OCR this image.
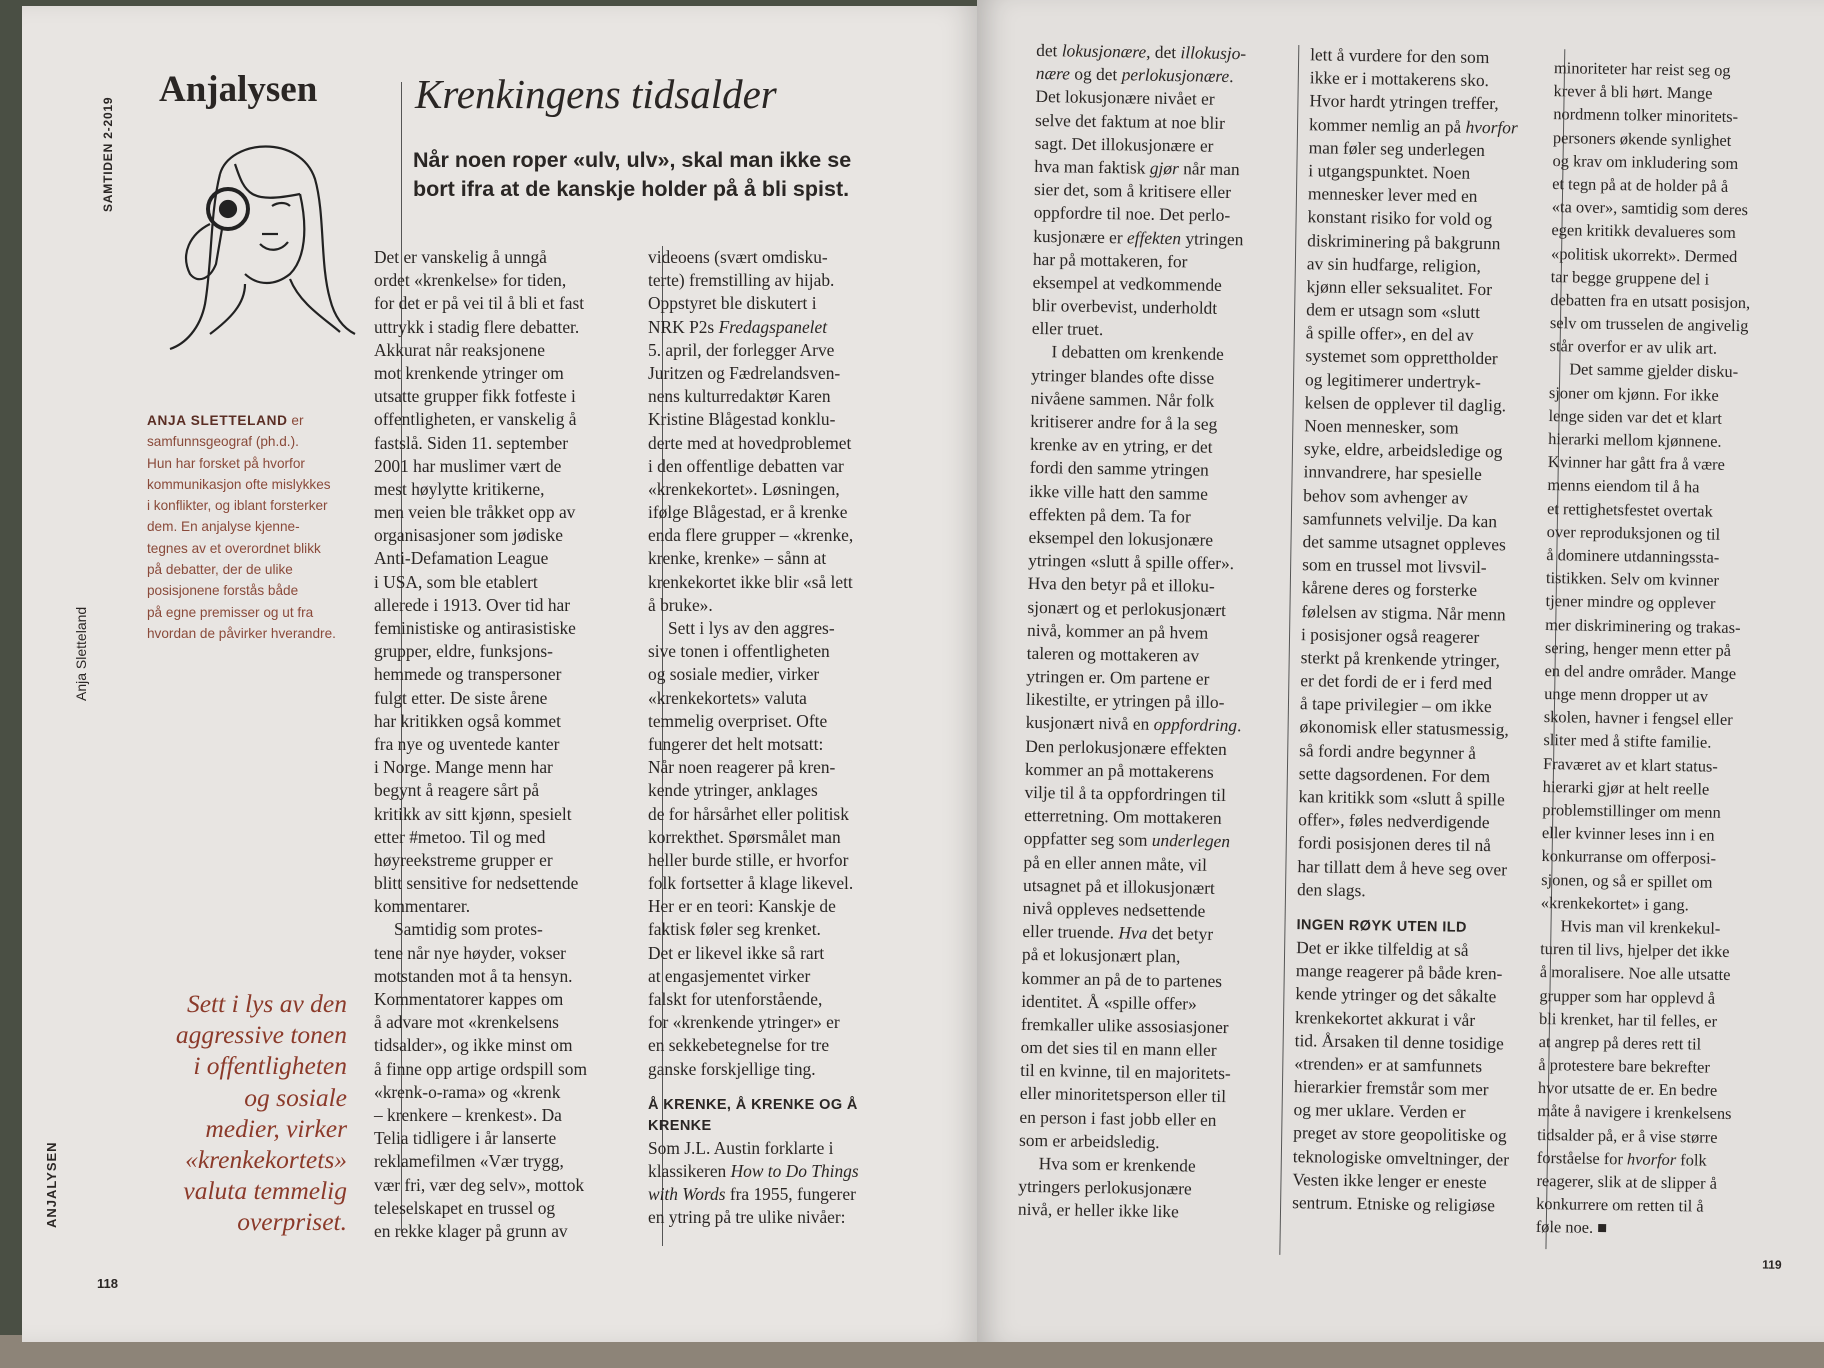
Anjalysen Krenkingens tidsalder
Når noen roper «ulv, ulv», skal man ikke se
bort ifra at de kanskje holder på å bli spist.
SAMTIDEN 2-2019
Anja Sletteland
ANJALYSEN
ANJA SLETTELAND er
samfunnsgeograf (ph.d.).
Hun har forsket på hvorfor
kommunikasjon ofte mislykkes
i konflikter, og iblant forsterker
dem. En anjalyse kjenne-
tegnes av et overordnet blikk
på debatter, der de ulike
posisjonene forstås både
på egne premisser og ut fra
hvordan de påvirker hverandre.
Sett i lys av den
aggressive tonen
i offentligheten
og sosiale
medier, virker
«krenkekortets»
valuta temmelig
overpriset.
Det er vanskelig å unngå
ordet «krenkelse» for tiden,
for det er på vei til å bli et fast
uttrykk i stadig flere debatter.
Akkurat når reaksjonene
mot krenkende ytringer om
utsatte grupper fikk fotfeste i
offentligheten, er vanskelig å
fastslå. Siden 11. september
2001 har muslimer vært de
mest høylytte kritikerne,
men veien ble tråkket opp av
organisasjoner som jødiske
Anti-Defamation League
i USA, som ble etablert
allerede i 1913. Over tid har
feministiske og antirasistiske
grupper, eldre, funksjons-
hemmede og transpersoner
fulgt etter. De siste årene
har kritikken også kommet
fra nye og uventede kanter
i Norge. Mange menn har
begynt å reagere sårt på
kritikk av sitt kjønn, spesielt
etter #metoo. Til og med
høyreekstreme grupper er
blitt sensitive for nedsettende
kommentarer.
Samtidig som protes-
tene når nye høyder, vokser
motstanden mot å ta hensyn.
Kommentatorer kappes om
å advare mot «krenkelsens
tidsalder», og ikke minst om
å finne opp artige ordspill som
«krenk-o-rama» og «krenk
– krenkere – krenkest». Da
Telia tidligere i år lanserte
reklamefilmen «Vær trygg,
vær fri, vær deg selv», mottok
teleselskapet en trussel og
en rekke klager på grunn av
videoens (svært omdisku-
terte) fremstilling av hijab.
Oppstyret ble diskutert i
NRK P2s Fredagspanelet
5. april, der forlegger Arve
Juritzen og Fædrelandsven-
nens kulturredaktør Karen
Kristine Blågestad konklu-
derte med at hovedproblemet
i den offentlige debatten var
«krenkekortet». Løsningen,
ifølge Blågestad, er å krenke
enda flere grupper – «krenke,
krenke, krenke» – sånn at
krenkekortet ikke blir «så lett
å bruke».
Sett i lys av den aggres-
sive tonen i offentligheten
og sosiale medier, virker
«krenkekortets» valuta
temmelig overpriset. Ofte
fungerer det helt motsatt:
Når noen reagerer på kren-
kende ytringer, anklages
de for hårsårhet eller politisk
korrekthet. Spørsmålet man
heller burde stille, er hvorfor
folk fortsetter å klage likevel.
Her er en teori: Kanskje de
faktisk føler seg krenket.
Det er likevel ikke så rart
at engasjementet virker
falskt for utenforstående,
for «krenkende ytringer» er
en sekkebetegnelse for tre
ganske forskjellige ting.
Å KRENKE, Å KRENKE OG Å
KRENKE
Som J.L. Austin forklarte i
klassikeren How to Do Things
with Words fra 1955, fungerer
en ytring på tre ulike nivåer:
118
det lokusjonære, det illokusjo-
nære og det perlokusjonære.
Det lokusjonære nivået er
selve det faktum at noe blir
sagt. Det illokusjonære er
hva man faktisk gjør når man
sier det, som å kritisere eller
oppfordre til noe. Det perlo-
kusjonære er effekten ytringen
har på mottakeren, for
eksempel at vedkommende
blir overbevist, underholdt
eller truet.
I debatten om krenkende
ytringer blandes ofte disse
nivåene sammen. Når folk
kritiserer andre for å la seg
krenke av en ytring, er det
fordi den samme ytringen
ikke ville hatt den samme
effekten på dem. Ta for
eksempel den lokusjonære
ytringen «slutt å spille offer».
Hva den betyr på et illoku-
sjonært og et perlokusjonært
nivå, kommer an på hvem
taleren og mottakeren av
ytringen er. Om partene er
likestilte, er ytringen på illo-
kusjonært nivå en oppfordring.
Den perlokusjonære effekten
kommer an på mottakerens
vilje til å ta oppfordringen til
etterretning. Om mottakeren
oppfatter seg som underlegen
på en eller annen måte, vil
utsagnet på et illokusjonært
nivå oppleves nedsettende
eller truende. Hva det betyr
på et lokusjonært plan,
kommer an på de to partenes
identitet. Å «spille offer»
fremkaller ulike assosiasjoner
om det sies til en mann eller
til en kvinne, til en majoritets-
eller minoritetsperson eller til
en person i fast jobb eller en
som er arbeidsledig.
Hva som er krenkende
ytringers perlokusjonære
nivå, er heller ikke like
lett å vurdere for den som
ikke er i mottakerens sko.
Hvor hardt ytringen treffer,
kommer nemlig an på hvorfor
man føler seg underlegen
i utgangspunktet. Noen
mennesker lever med en
konstant risiko for vold og
diskriminering på bakgrunn
av sin hudfarge, religion,
kjønn eller seksualitet. For
dem er utsagn som «slutt
å spille offer», en del av
systemet som opprettholder
og legitimerer undertryk-
kelsen de opplever til daglig.
Noen mennesker, som
syke, eldre, arbeidsledige og
innvandrere, har spesielle
behov som avhenger av
samfunnets velvilje. Da kan
det samme utsagnet oppleves
som en trussel mot livsvil-
kårene deres og forsterke
følelsen av stigma. Når menn
i posisjoner også reagerer
sterkt på krenkende ytringer,
er det fordi de er i ferd med
å tape privilegier – om ikke
økonomisk eller statusmessig,
så fordi andre begynner å
sette dagsordenen. For dem
kan kritikk som «slutt å spille
offer», føles nedverdigende
fordi posisjonen deres til nå
har tillatt dem å heve seg over
den slags.
INGEN RØYK UTEN ILD
Det er ikke tilfeldig at så
mange reagerer på både kren-
kende ytringer og det såkalte
krenkekortet akkurat i vår
tid. Årsaken til denne tosidige
«trenden» er at samfunnets
hierarkier fremstår som mer
og mer uklare. Verden er
preget av store geopolitiske og
teknologiske omveltninger, der
Vesten ikke lenger er eneste
sentrum. Etniske og religiøse
minoriteter har reist seg og
krever å bli hørt. Mange
nordmenn tolker minoritets-
personers økende synlighet
og krav om inkludering som
et tegn på at de holder på å
«ta over», samtidig som deres
egen kritikk devalueres som
«politisk ukorrekt». Dermed
tar begge gruppene del i
debatten fra en utsatt posisjon,
selv om trusselen de angivelig
står overfor er av ulik art.
Det samme gjelder disku-
sjoner om kjønn. For ikke
lenge siden var det et klart
hierarki mellom kjønnene.
Kvinner har gått fra å være
menns eiendom til å ha
et rettighetsfestet overtak
over reproduksjonen og til
å dominere utdanningssta-
tistikken. Selv om kvinner
tjener mindre og opplever
mer diskriminering og trakas-
sering, henger menn etter på
en del andre områder. Mange
unge menn dropper ut av
skolen, havner i fengsel eller
sliter med å stifte familie.
Fraværet av et klart status-
hierarki gjør at helt reelle
problemstillinger om menn
eller kvinner leses inn i en
konkurranse om offerposi-
sjonen, og så er spillet om
«krenkekortet» i gang.
Hvis man vil krenkekul-
turen til livs, hjelper det ikke
å moralisere. Noe alle utsatte
grupper som har opplevd å
bli krenket, har til felles, er
at angrep på deres rett til
å protestere bare bekrefter
hvor utsatte de er. En bedre
måte å navigere i krenkelsens
tidsalder på, er å vise større
forståelse for hvorfor folk
reagerer, slik at de slipper å
konkurrere om retten til å
føle noe. ■
119
